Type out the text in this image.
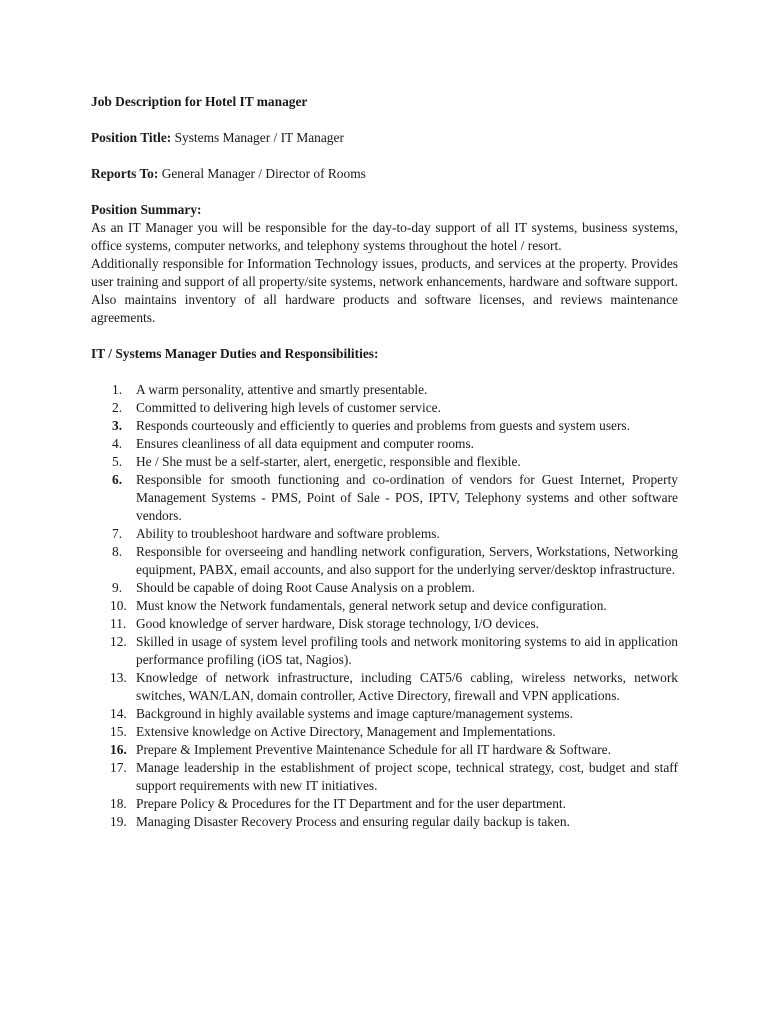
Job Description for Hotel IT manager

Position Title: Systems Manager / IT Manager

Reports To: General Manager / Director of Rooms

Position Summary:

As an IT Manager you will be responsible for the day-to-day support of all IT systems, business systems, office systems, computer networks, and telephony systems throughout the hotel / resort.

Additionally responsible for Information Technology issues, products, and services at the property. Provides user training and support of all property/site systems, network enhancements, hardware and software support. Also maintains inventory of all hardware products and software licenses, and reviews maintenance agreements.

IT / Systems Manager Duties and Responsibilities:

1.	A warm personality, attentive and smartly presentable.
2.	Committed to delivering high levels of customer service.
3.	Responds courteously and efficiently to queries and problems from guests and system users.
4.	Ensures cleanliness of all data equipment and computer rooms.
5.	He / She must be a self-starter, alert, energetic, responsible and flexible.
6.	Responsible for smooth functioning and co-ordination of vendors for Guest Internet, Property Management Systems - PMS, Point of Sale - POS, IPTV, Telephony systems and other software vendors.
7.	Ability to troubleshoot hardware and software problems.
8.	Responsible for overseeing and handling network configuration, Servers, Workstations, Networking equipment, PABX, email accounts, and also support for the underlying server/desktop infrastructure.
9.	Should be capable of doing Root Cause Analysis on a problem.
10. Must know the Network fundamentals, general network setup and device configuration.
11. Good knowledge of server hardware, Disk storage technology, I/O devices.
12. Skilled in usage of system level profiling tools and network monitoring systems to aid in application performance profiling (iOS tat, Nagios).
13. Knowledge of network infrastructure, including CAT5/6 cabling, wireless networks, network switches, WAN/LAN, domain controller, Active Directory, firewall and VPN applications.
14. Background in highly available systems and image capture/management systems.
15. Extensive knowledge on Active Directory, Management and Implementations.
16. Prepare & Implement Preventive Maintenance Schedule for all IT hardware & Software.
17. Manage leadership in the establishment of project scope, technical strategy, cost, budget and staff support requirements with new IT initiatives.
18. Prepare Policy & Procedures for the IT Department and for the user department.
19. Managing Disaster Recovery Process and ensuring regular daily backup is taken.
